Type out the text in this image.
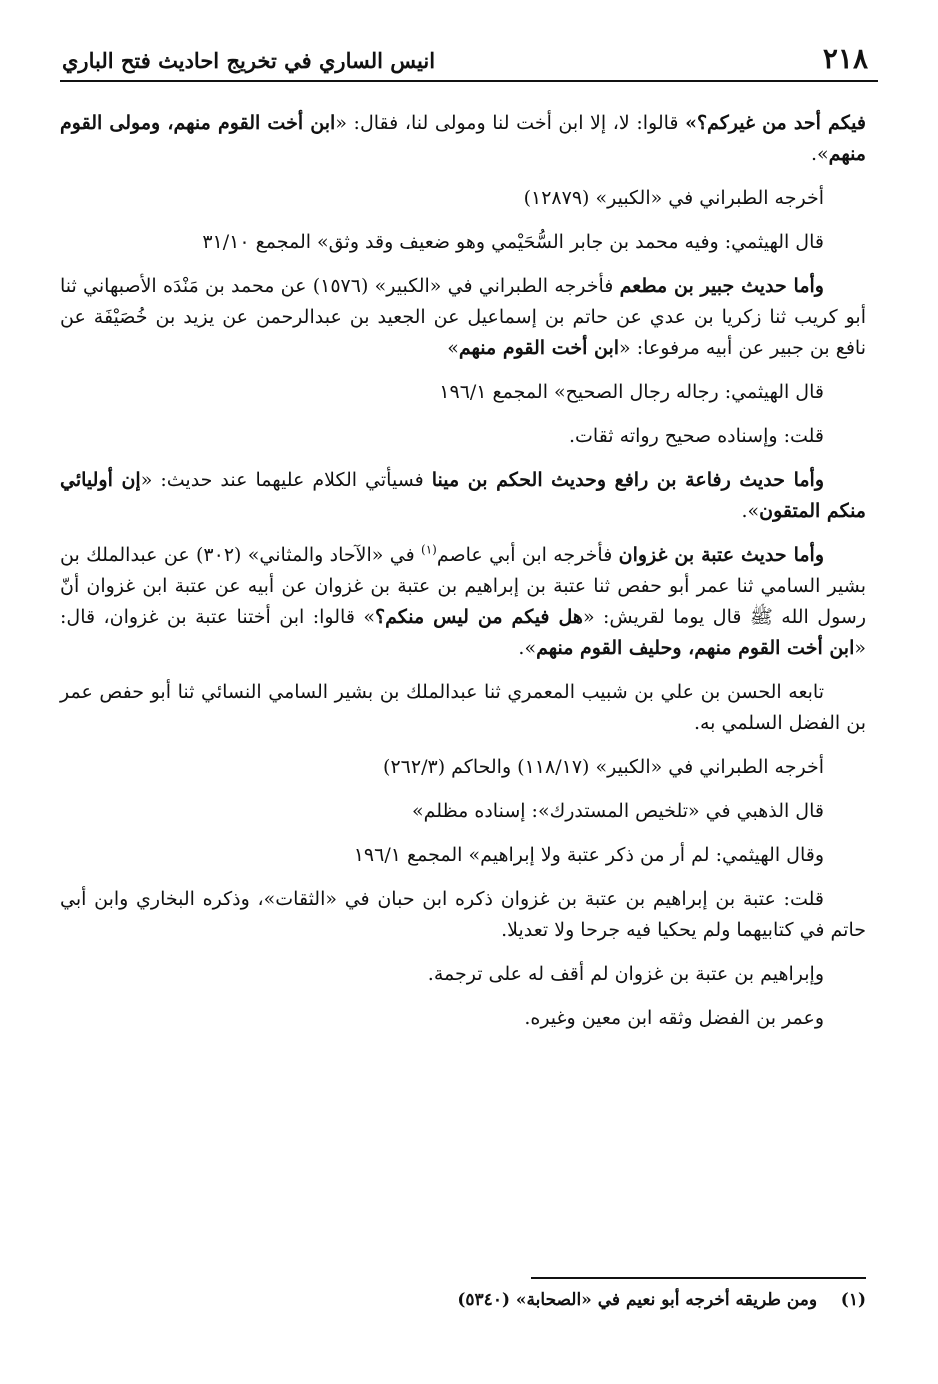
٢١٨
انيس الساري في تخريج احاديث فتح الباري

فيكم أحد من غيركم؟» قالوا: لا، إلا ابن أخت لنا ومولى لنا، فقال: «ابن أخت القوم منهم، ومولى القوم منهم».

أخرجه الطبراني في «الكبير» (١٢٨٧٩)

قال الهيثمي: وفيه محمد بن جابر السُّحَيْمي وهو ضعيف وقد وثق» المجمع ٣١/١٠

وأما حديث جبير بن مطعم فأخرجه الطبراني في «الكبير» (١٥٧٦) عن محمد بن مَنْدَه الأصبهاني ثنا أبو كريب ثنا زكريا بن عدي عن حاتم بن إسماعيل عن الجعيد بن عبدالرحمن عن يزيد بن خُصَيْفَة عن نافع بن جبير عن أبيه مرفوعا: «ابن أخت القوم منهم»

قال الهيثمي: رجاله رجال الصحيح» المجمع ١٩٦/١

قلت: وإسناده صحيح رواته ثقات.

وأما حديث رفاعة بن رافع وحديث الحكم بن مينا فسيأتي الكلام عليهما عند حديث: «إن أوليائي منكم المتقون».

وأما حديث عتبة بن غزوان فأخرجه ابن أبي عاصم$^{(١)}$ في «الآحاد والمثاني» (٣٠٢) عن عبدالملك بن بشير السامي ثنا عمر أبو حفص ثنا عتبة بن إبراهيم بن عتبة بن غزوان عن أبيه عن عتبة ابن غزوان أنّ رسول الله ﷺ قال يوما لقريش: «هل فيكم من ليس منكم؟» قالوا: ابن أختنا عتبة بن غزوان، قال: «ابن أخت القوم منهم، وحليف القوم منهم».

تابعه الحسن بن علي بن شبيب المعمري ثنا عبدالملك بن بشير السامي النسائي ثنا أبو حفص عمر بن الفضل السلمي به.

أخرجه الطبراني في «الكبير» (١١٨/١٧) والحاكم (٢٦٢/٣)

قال الذهبي في «تلخيص المستدرك»: إسناده مظلم»

وقال الهيثمي: لم أر من ذكر عتبة ولا إبراهيم» المجمع ١٩٦/١

قلت: عتبة بن إبراهيم بن عتبة بن غزوان ذكره ابن حبان في «الثقات»، وذكره البخاري وابن أبي حاتم في كتابيهما ولم يحكيا فيه جرحا ولا تعديلا.

وإبراهيم بن عتبة بن غزوان لم أقف له على ترجمة.

وعمر بن الفضل وثقه ابن معين وغيره.

(١)    ومن طريقه أخرجه أبو نعيم في «الصحابة» (٥٣٤٠)
